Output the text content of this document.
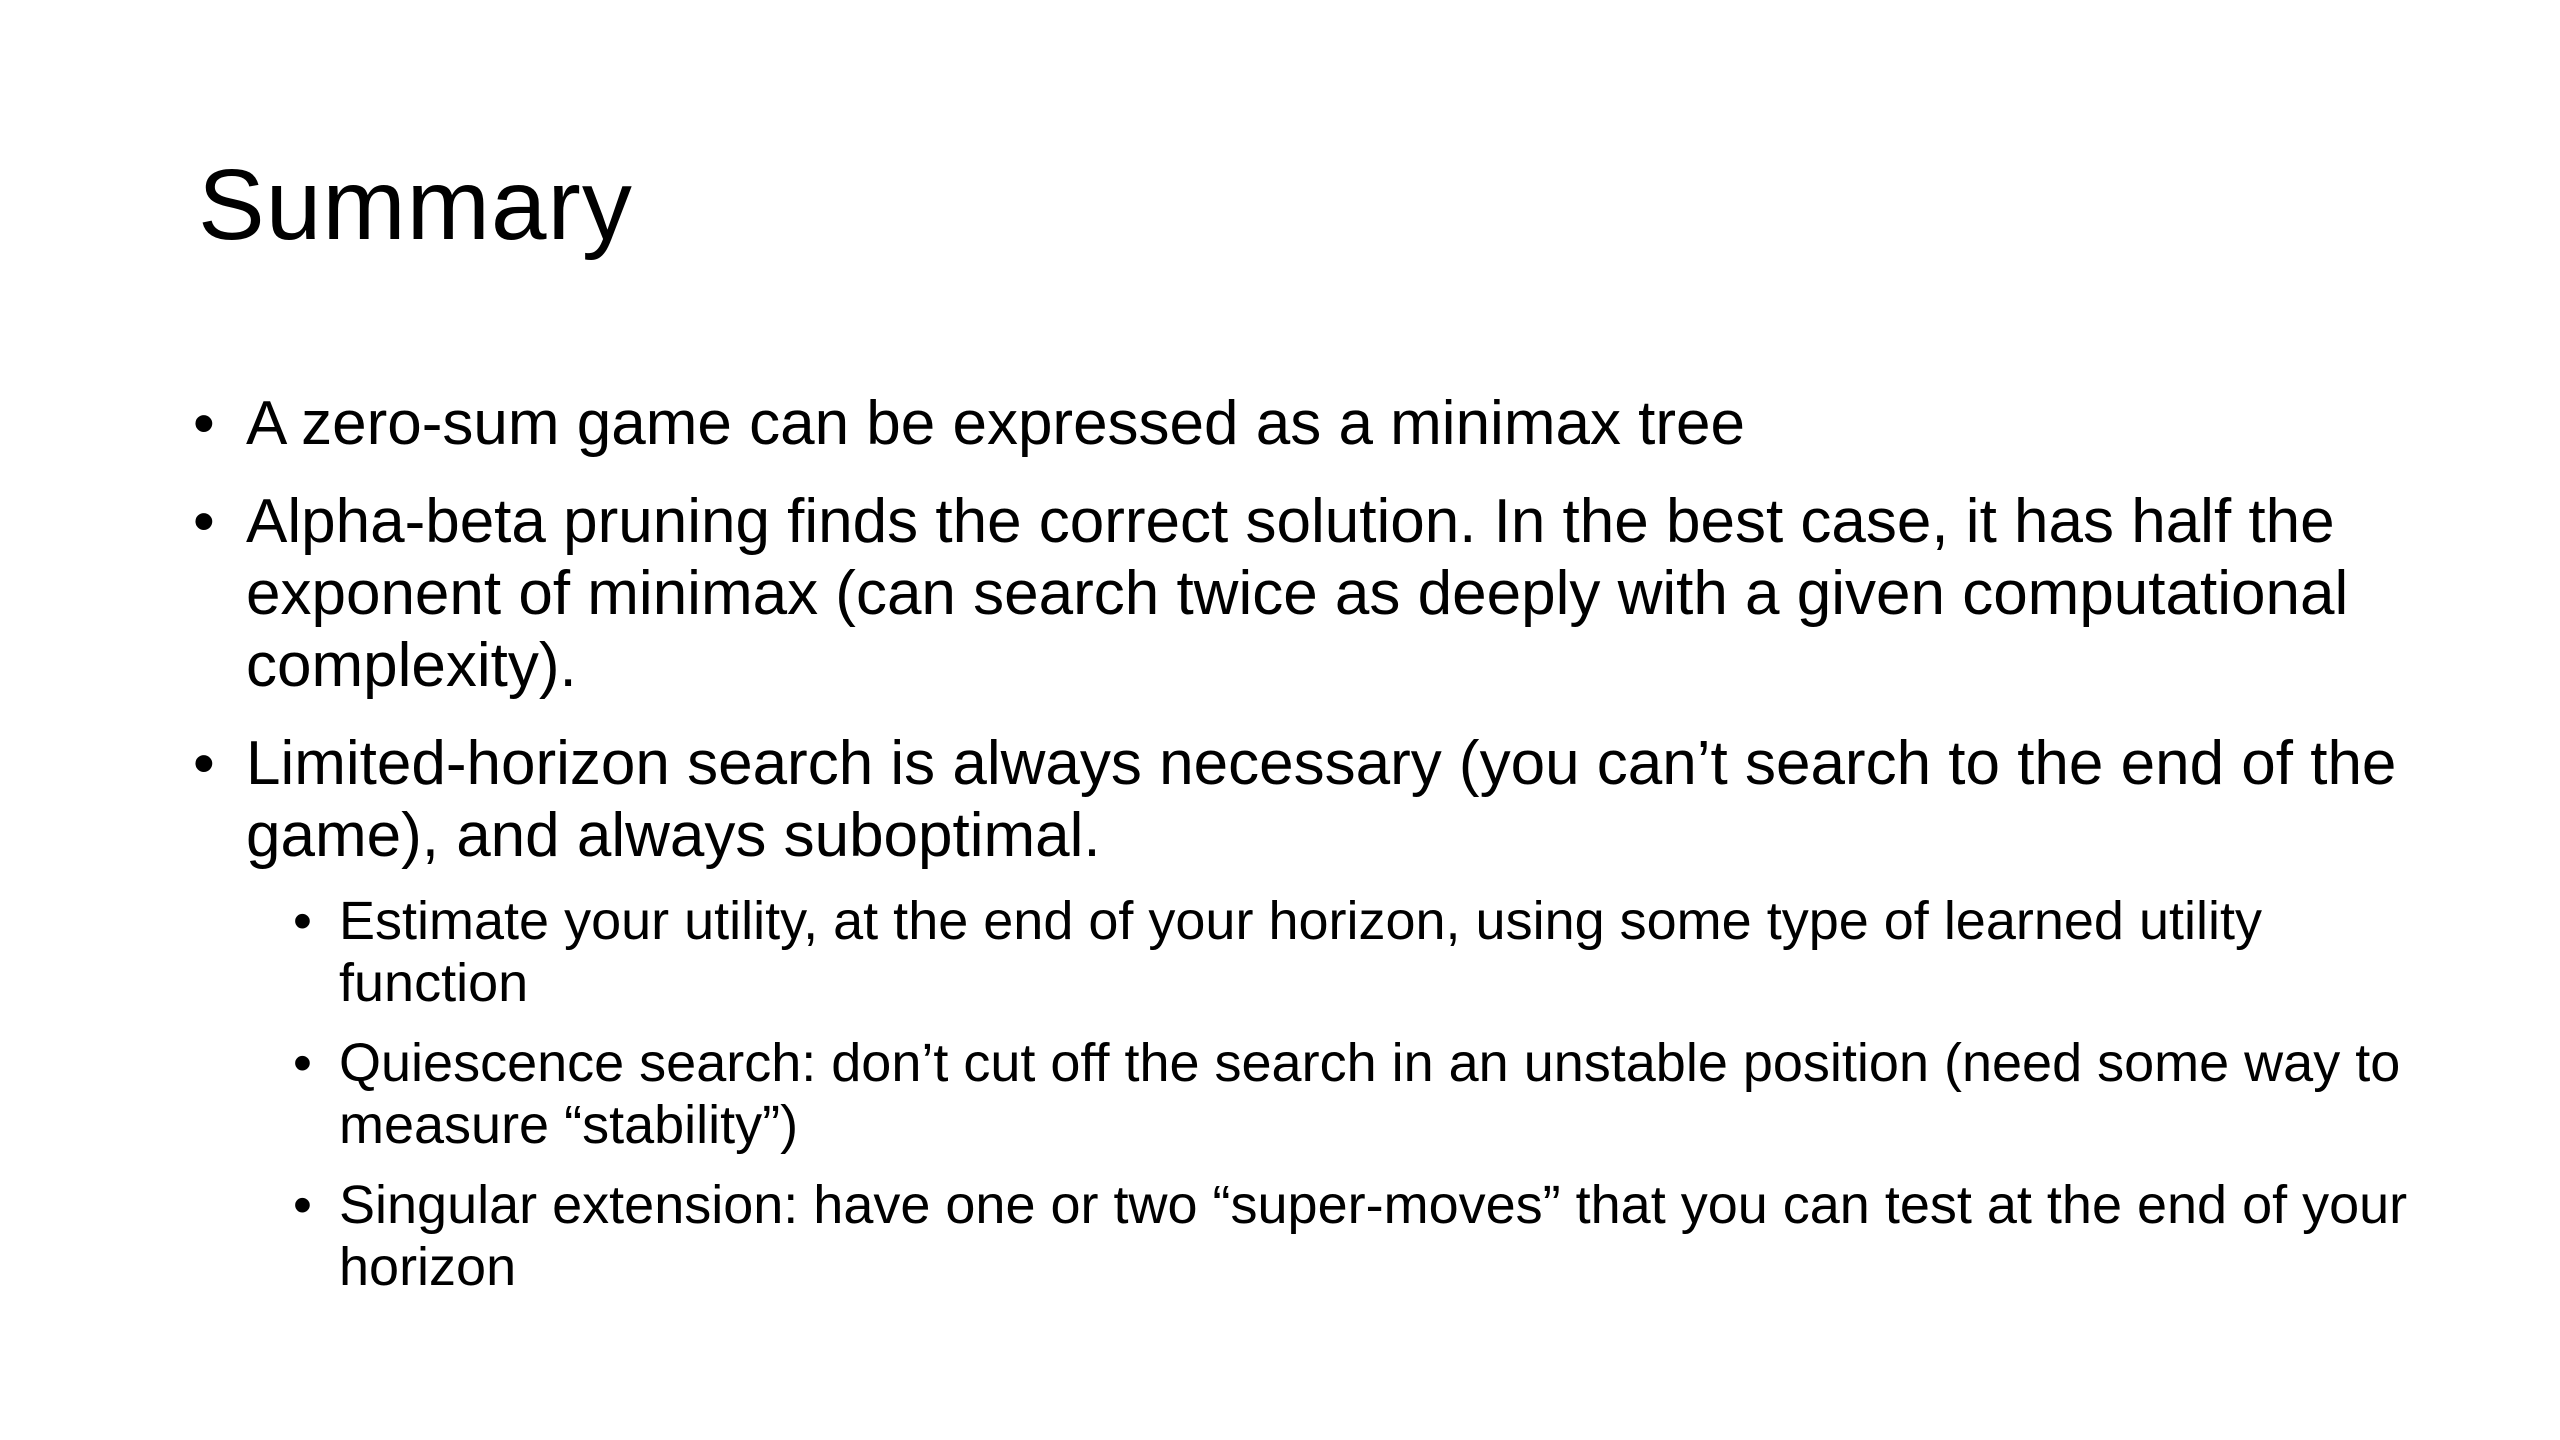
Summary
• A zero-sum game can be expressed as a minimax tree
• Alpha-beta pruning finds the correct solution. In the best case, it has half the exponent of minimax (can search twice as deeply with a given computational complexity).
• Limited-horizon search is always necessary (you can’t search to the end of the game), and always suboptimal.
• Estimate your utility, at the end of your horizon, using some type of learned utility function
• Quiescence search: don’t cut off the search in an unstable position (need some way to measure “stability”)
• Singular extension: have one or two “super-moves” that you can test at the end of your horizon
